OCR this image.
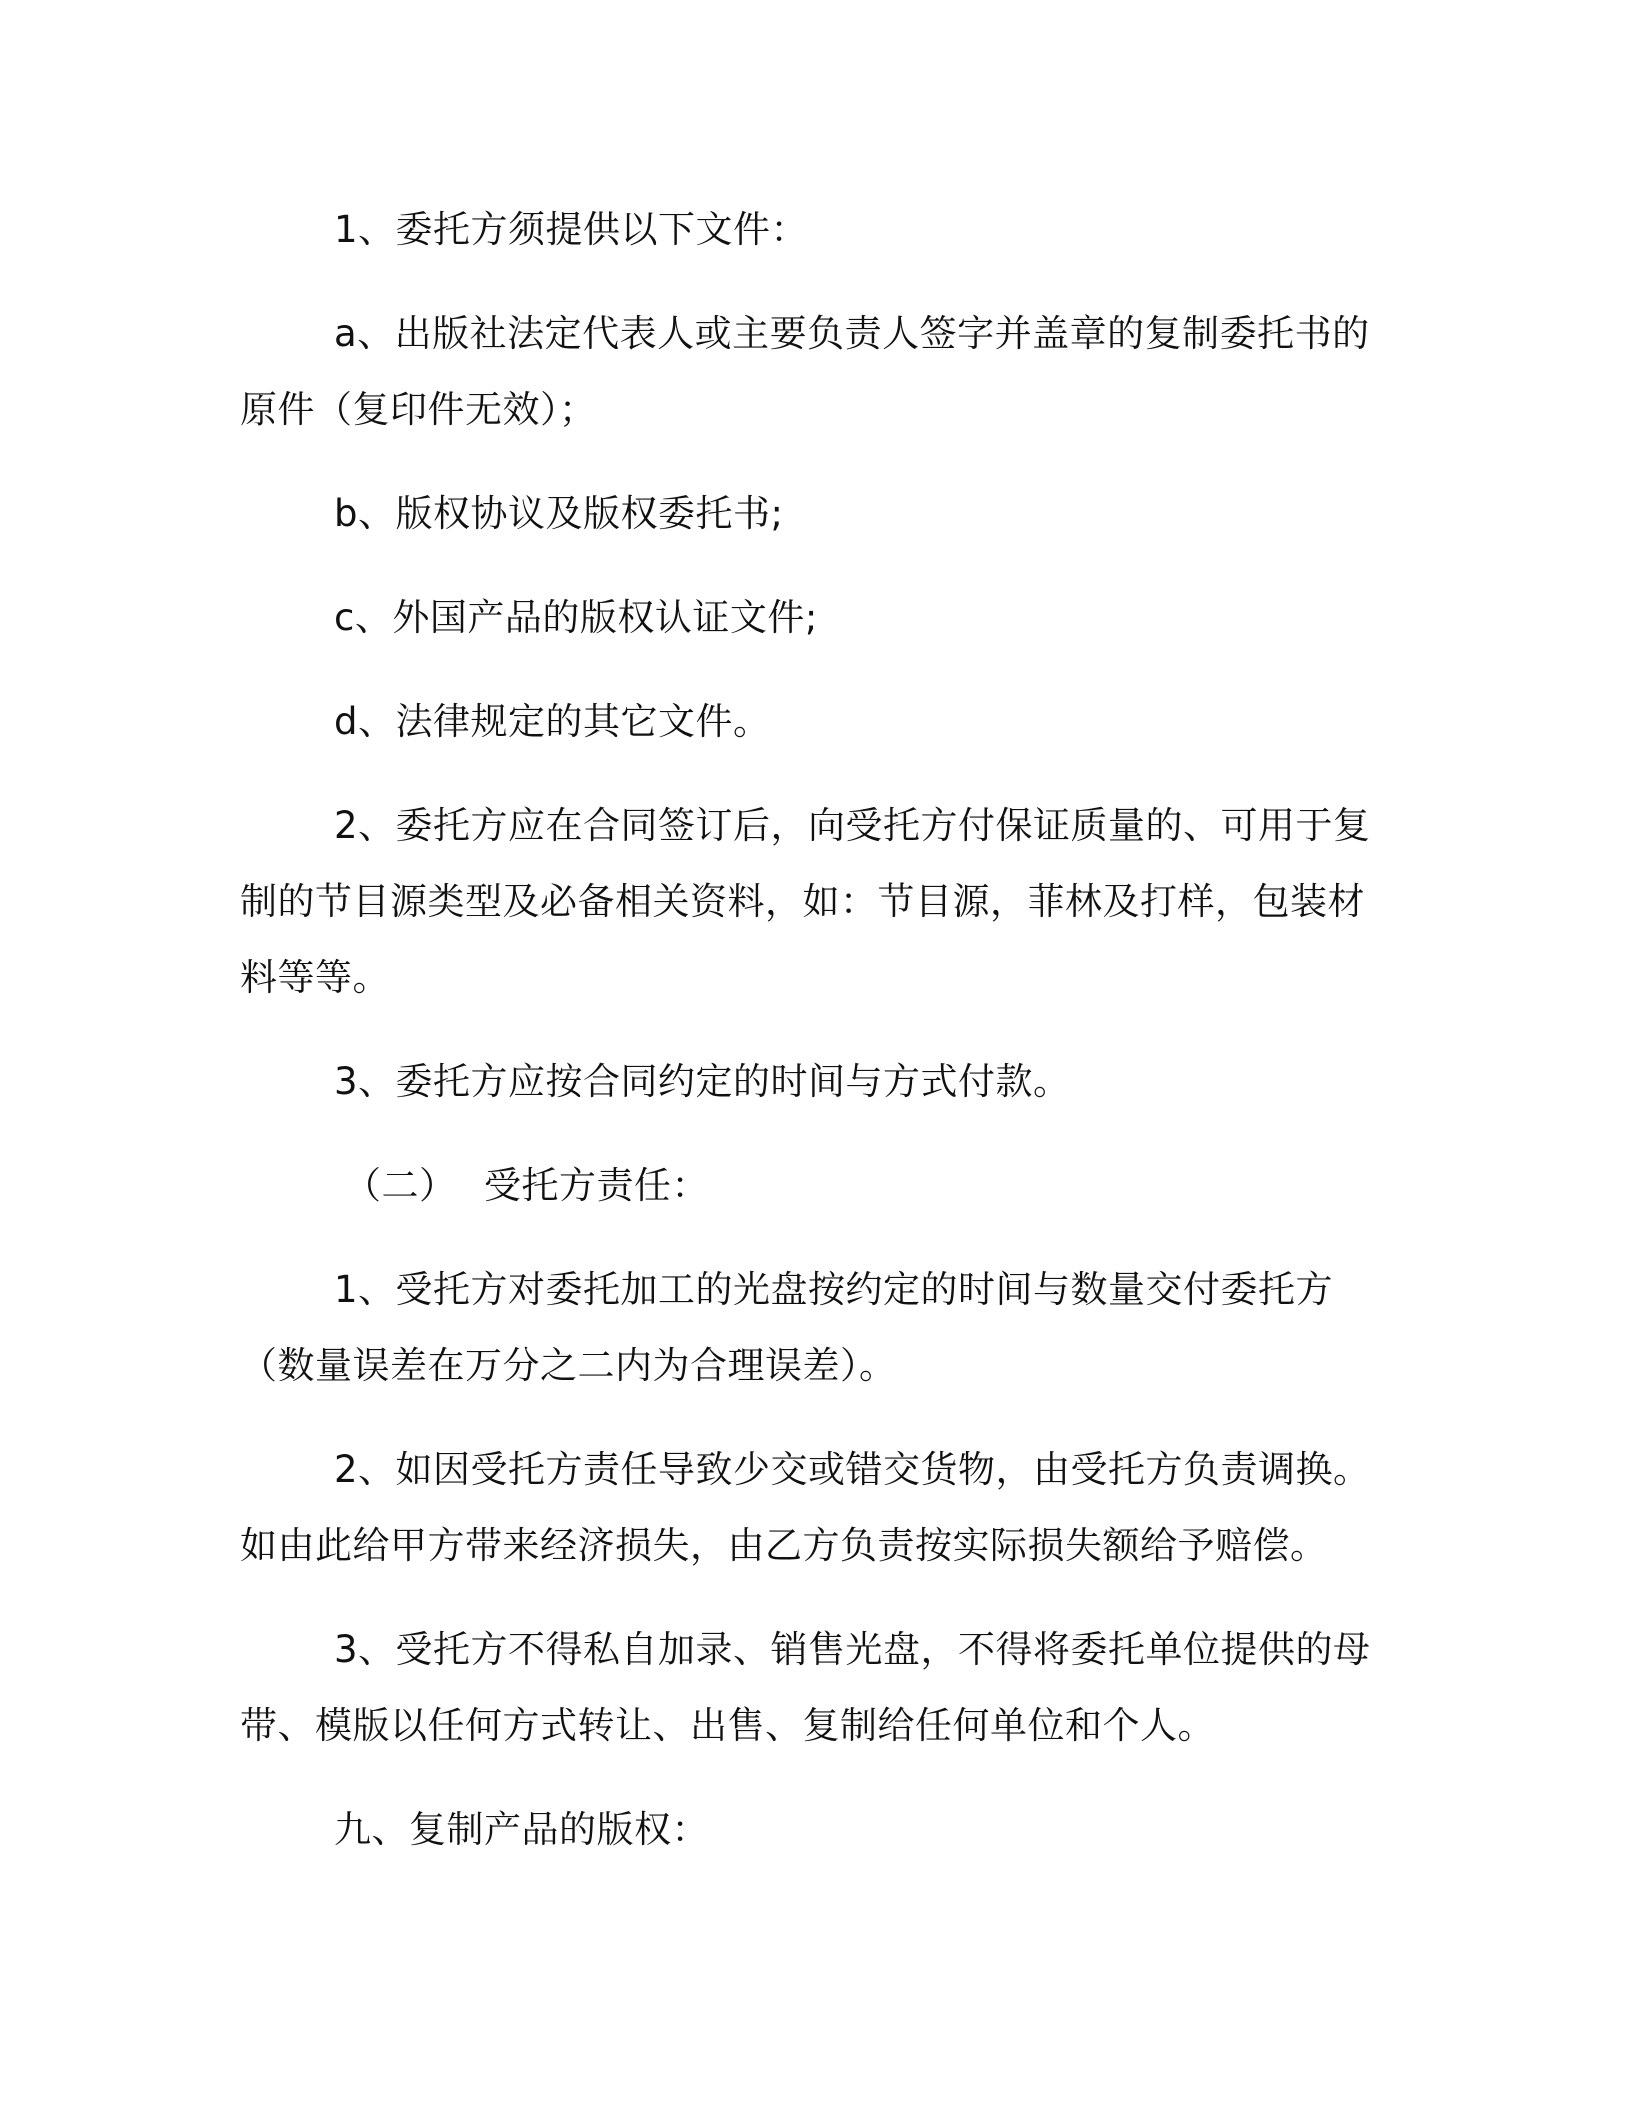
1、委托方须提供以下文件：

a、出版社法定代表人或主要负责人签字并盖章的复制委托书的
原件（复印件无效）；

b、版权协议及版权委托书;

c、外国产品的版权认证文件;

d、法律规定的其它文件。

2、委托方应在合同签订后，向受托方付保证质量的、可用于复
制的节目源类型及必备相关资料，如：节目源，菲林及打样，包装材
料等等。

3、委托方应按合同约定的时间与方式付款。

（二） 受托方责任：

1、受托方对委托加工的光盘按约定的时间与数量交付委托方
（数量误差在万分之二内为合理误差）。

2、如因受托方责任导致少交或错交货物，由受托方负责调换。
如由此给甲方带来经济损失，由乙方负责按实际损失额给予赔偿。

3、受托方不得私自加录、销售光盘，不得将委托单位提供的母
带、模版以任何方式转让、出售、复制给任何单位和个人。

九、复制产品的版权：
